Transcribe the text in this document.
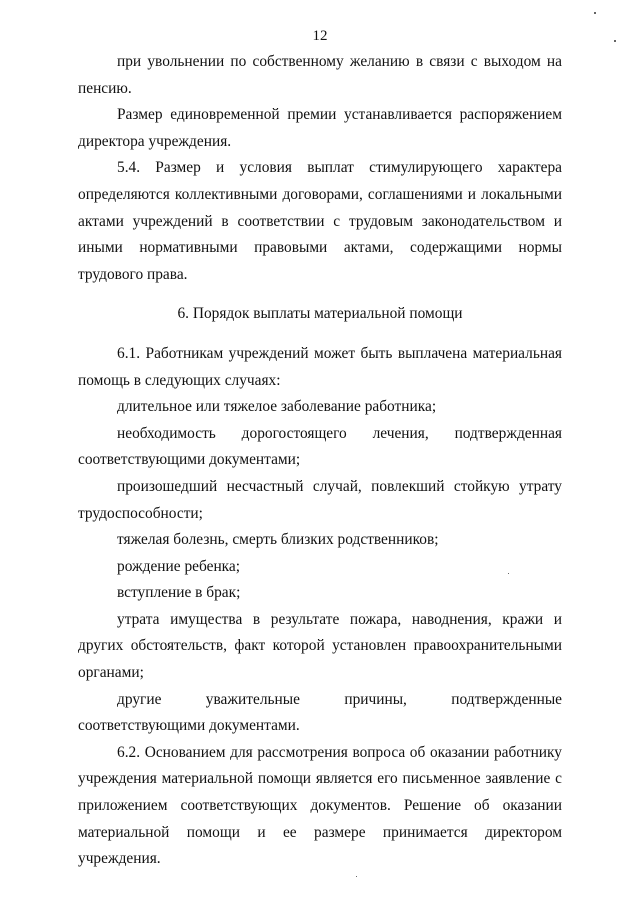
12

при увольнении по собственному желанию в связи с выходом на пенсию.

Размер единовременной премии устанавливается распоряжением директора учреждения.

5.4. Размер и условия выплат стимулирующего характера определяются коллективными договорами, соглашениями и локальными актами учреждений в соответствии с трудовым законодательством и иными нормативными правовыми актами, содержащими нормы трудового права.

6. Порядок выплаты материальной помощи

6.1. Работникам учреждений может быть выплачена материальная помощь в следующих случаях:

длительное или тяжелое заболевание работника;

необходимость дорогостоящего лечения, подтвержденная соответствующими документами;

произошедший несчастный случай, повлекший стойкую утрату трудоспособности;

тяжелая болезнь, смерть близких родственников;

рождение ребенка;

вступление в брак;

утрата имущества в результате пожара, наводнения, кражи и других обстоятельств, факт которой установлен правоохранительными органами;

другие уважительные причины, подтвержденные соответствующими документами.

6.2. Основанием для рассмотрения вопроса об оказании работнику учреждения материальной помощи является его письменное заявление с приложением соответствующих документов. Решение об оказании материальной помощи и ее размере принимается директором учреждения.
